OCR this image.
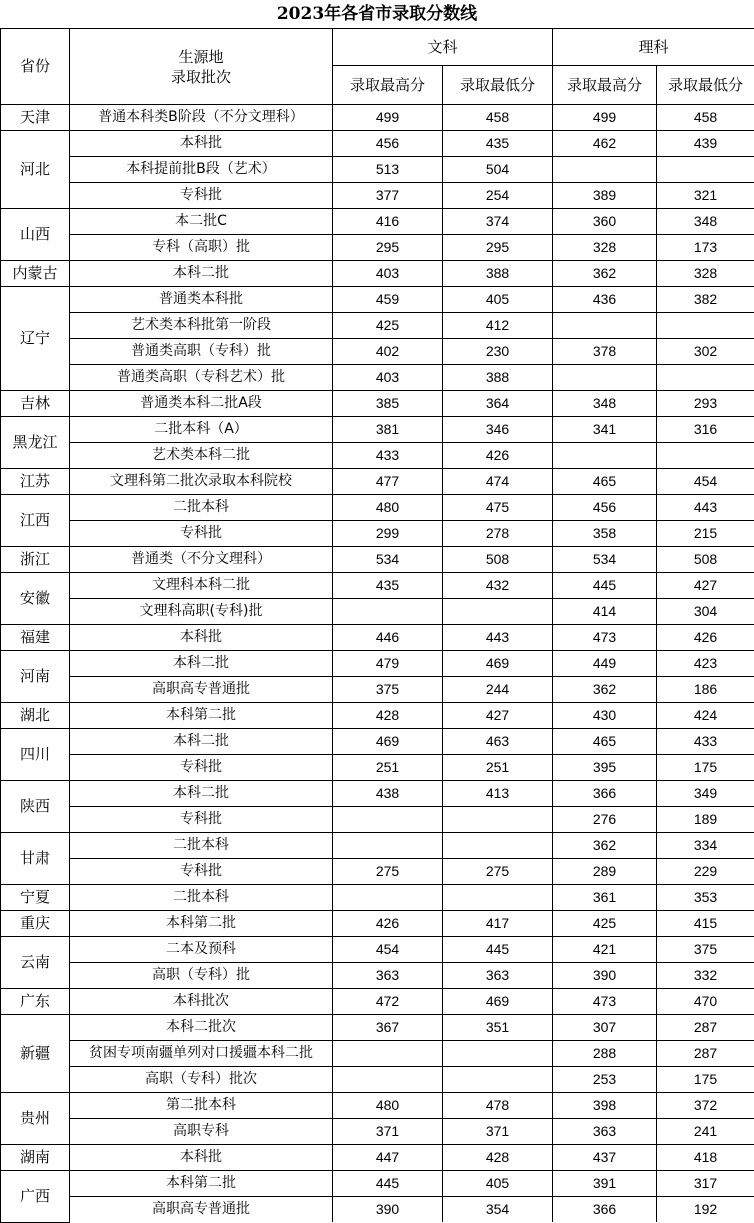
2023年各省市录取分数线
省份	生源地
录取批次	文科		理科	
		录取最高分	录取最低分	录取最高分	录取最低分
天津	普通本科类B阶段（不分文理科）	499	458	499	458
河北	本科批	456	435	462	439
	本科提前批B段（艺术）	513	504		
	专科批	377	254	389	321
山西	本二批C	416	374	360	348
	专科（高职）批	295	295	328	173
内蒙古	本科二批	403	388	362	328
辽宁	普通类本科批	459	405	436	382
	艺术类本科批第一阶段	425	412		
	普通类高职（专科）批	402	230	378	302
	普通类高职（专科艺术）批	403	388		
吉林	普通类本科二批A段	385	364	348	293
黑龙江	二批本科（A）	381	346	341	316
	艺术类本科二批	433	426		
江苏	文理科第二批次录取本科院校	477	474	465	454
江西	二批本科	480	475	456	443
	专科批	299	278	358	215
浙江	普通类（不分文理科）	534	508	534	508
安徽	文理科本科二批	435	432	445	427
	文理科高职(专科)批			414	304
福建	本科批	446	443	473	426
河南	本科二批	479	469	449	423
	高职高专普通批	375	244	362	186
湖北	本科第二批	428	427	430	424
四川	本科二批	469	463	465	433
	专科批	251	251	395	175
陕西	本科二批	438	413	366	349
	专科批			276	189
甘肃	二批本科			362	334
	专科批	275	275	289	229
宁夏	二批本科			361	353
重庆	本科第二批	426	417	425	415
云南	二本及预科	454	445	421	375
	高职（专科）批	363	363	390	332
广东	本科批次	472	469	473	470
新疆	本科二批次	367	351	307	287
	贫困专项南疆单列对口援疆本科二批			288	287
	高职（专科）批次			253	175
贵州	第二批本科	480	478	398	372
	高职专科	371	371	363	241
湖南	本科批	447	428	437	418
广西	本科第二批	445	405	391	317
	高职高专普通批	390	354	366	192
